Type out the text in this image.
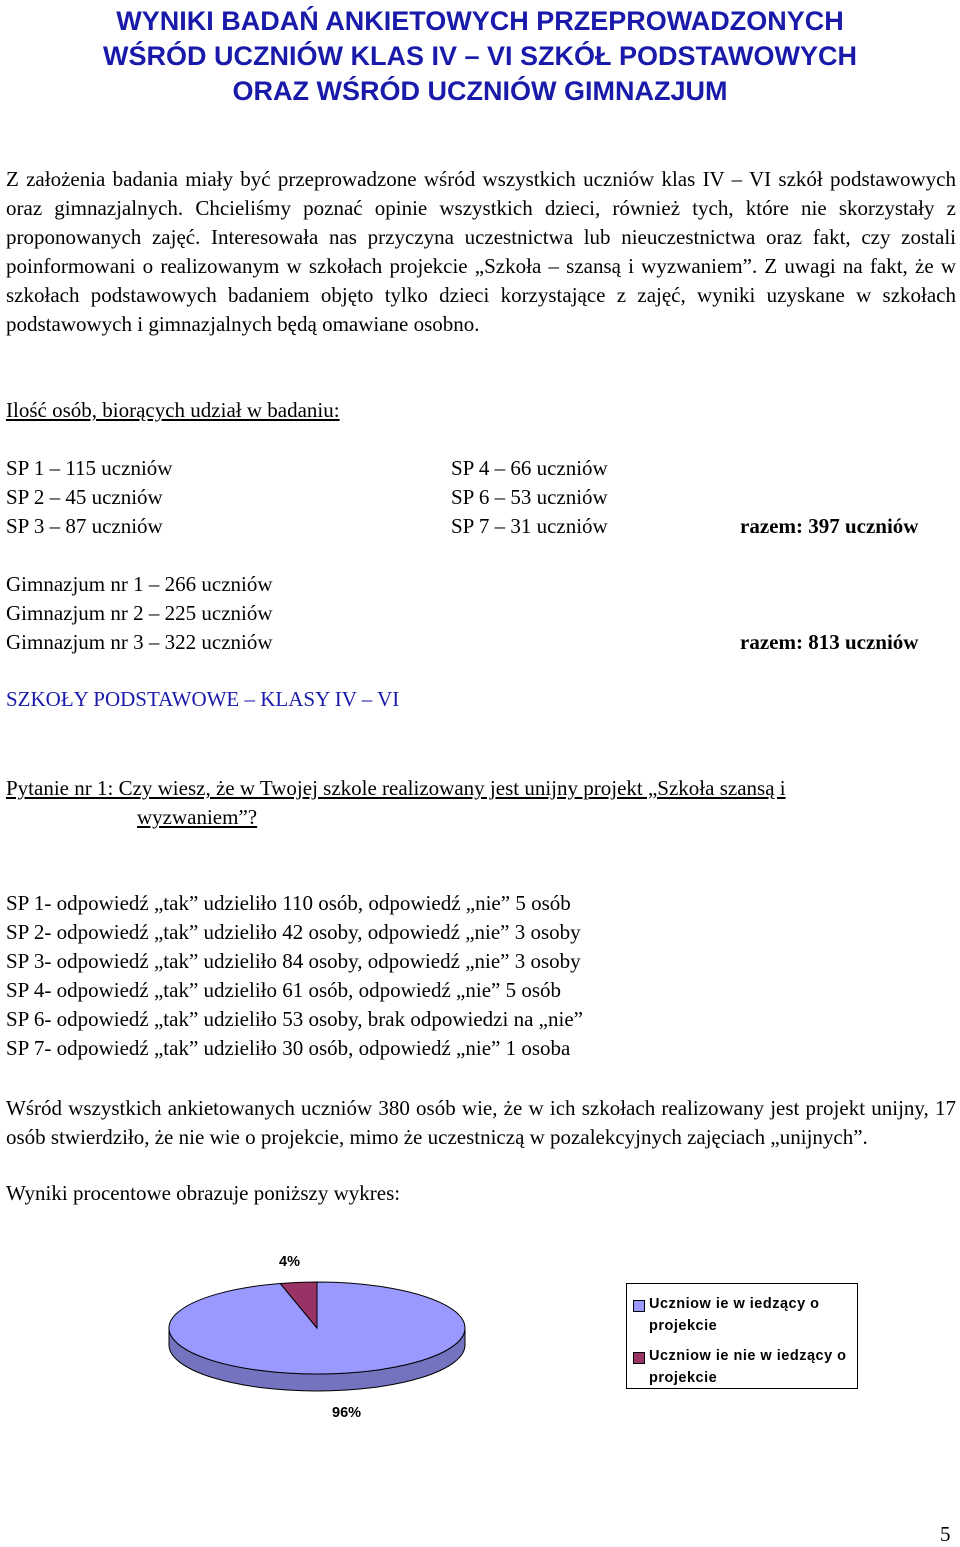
WYNIKI BADAŃ ANKIETOWYCH PRZEPROWADZONYCH
WŚRÓD UCZNIÓW KLAS IV – VI SZKÓŁ PODSTAWOWYCH
ORAZ WŚRÓD UCZNIÓW GIMNAZJUM
Z założenia badania miały być przeprowadzone wśród wszystkich uczniów klas IV – VI szkół podstawowych oraz gimnazjalnych. Chcieliśmy poznać opinie wszystkich dzieci, również tych, które nie skorzystały z proponowanych zajęć. Interesowała nas przyczyna uczestnictwa lub nieuczestnictwa oraz fakt, czy zostali poinformowani o realizowanym w szkołach projekcie „Szkoła – szansą i wyzwaniem”. Z uwagi na fakt, że w szkołach podstawowych badaniem objęto tylko dzieci korzystające z zajęć, wyniki uzyskane w szkołach podstawowych i gimnazjalnych będą omawiane osobno.
Ilość osób, biorących udział w badaniu:
SP 1 – 115 uczniów
SP 2 – 45 uczniów
SP 3 – 87 uczniów
SP 4 – 66 uczniów
SP 6 – 53 uczniów
SP 7 – 31 uczniów	razem: 397 uczniów
Gimnazjum nr 1 – 266 uczniów
Gimnazjum nr 2 – 225 uczniów
Gimnazjum nr 3 – 322 uczniów	razem: 813 uczniów
SZKOŁY PODSTAWOWE – KLASY IV – VI
Pytanie nr 1: Czy wiesz, że w Twojej szkole realizowany jest unijny projekt „Szkoła szansą i
wyzwaniem”?
SP 1- odpowiedź „tak” udzieliło 110 osób, odpowiedź „nie” 5 osób
SP 2- odpowiedź „tak” udzieliło 42 osoby, odpowiedź „nie” 3 osoby
SP 3- odpowiedź „tak” udzieliło 84 osoby, odpowiedź „nie” 3 osoby
SP 4- odpowiedź „tak” udzieliło 61 osób, odpowiedź „nie” 5 osób
SP 6- odpowiedź „tak” udzieliło 53 osoby, brak odpowiedzi na „nie”
SP 7- odpowiedź „tak” udzieliło 30 osób, odpowiedź „nie” 1 osoba
Wśród wszystkich ankietowanych uczniów 380 osób wie, że w ich szkołach realizowany jest projekt unijny, 17 osób stwierdziło, że nie wie o projekcie, mimo że uczestniczą w pozalekcyjnych zajęciach „unijnych”.
Wyniki procentowe obrazuje poniższy wykres:
4%
96%
Uczniow ie w iedzący o
projekcie
Uczniow ie nie w iedzący o
projekcie
5
